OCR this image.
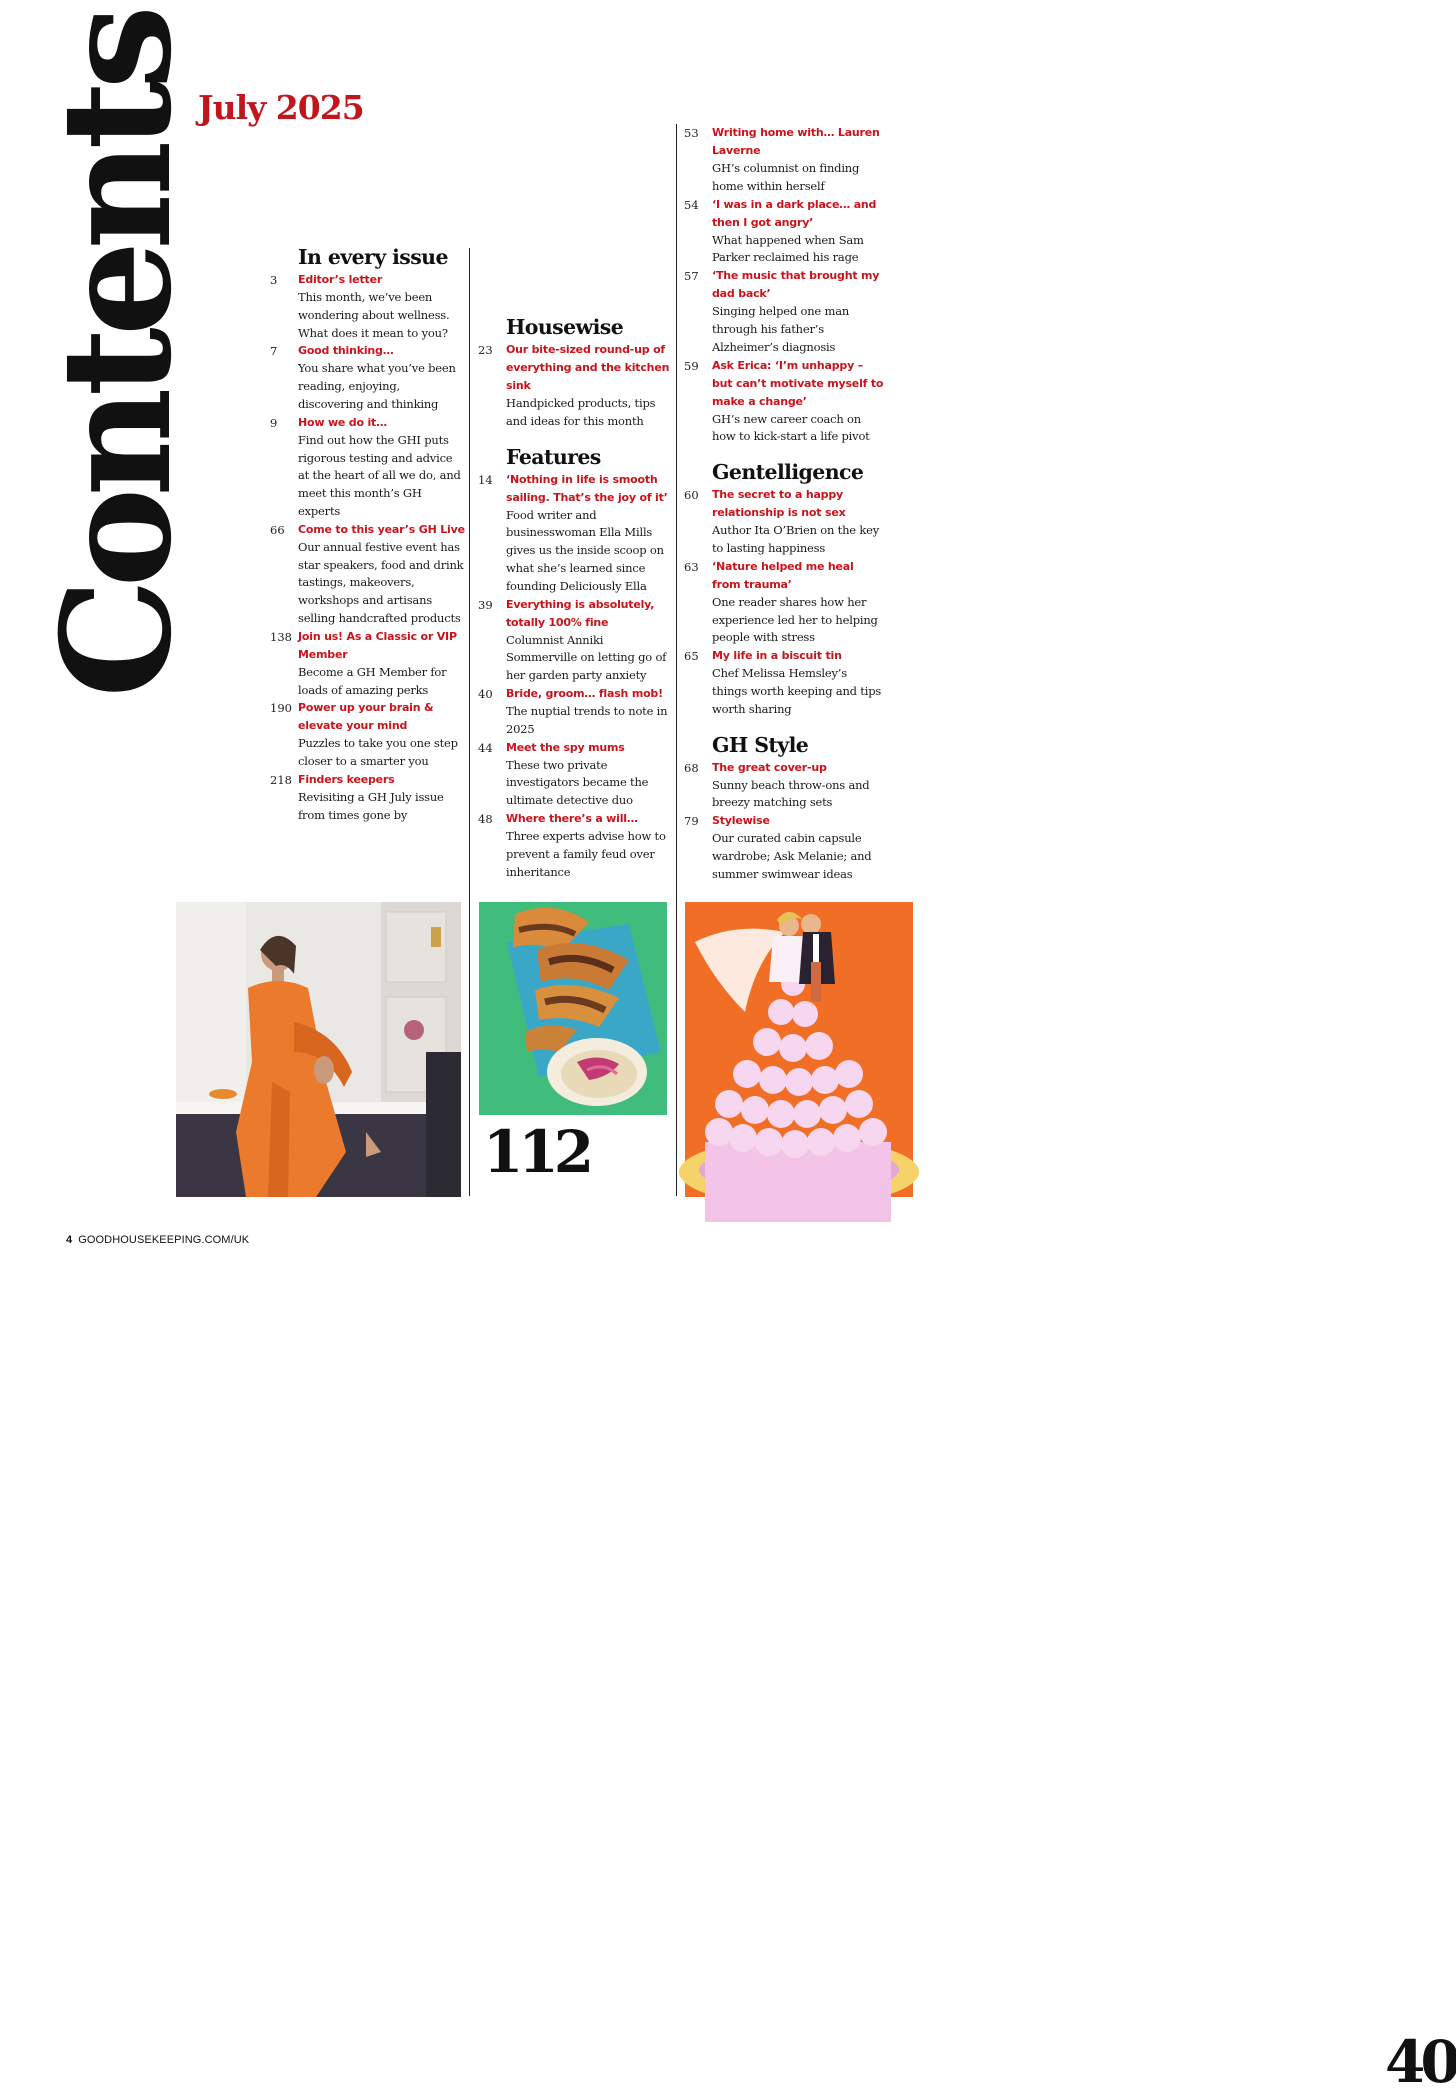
Contents
July 2025
In every issue
3	Editor’s letter
This month, we’ve been wondering about wellness. What does it mean to you?
7	Good thinking…
You share what you’ve been reading, enjoying, discovering and thinking
9	How we do it…
Find out how the GHI puts rigorous testing and advice at the heart of all we do, and meet this month’s GH experts
66	Come to this year’s GH Live
Our annual festive event has star speakers, food and drink tastings, makeovers, workshops and artisans selling handcrafted products
138 Join us! As a Classic or VIP Member
Become a GH Member for loads of amazing perks
190 Power up your brain & elevate your mind
Puzzles to take you one step closer to a smarter you
218 Finders keepers
Revisiting a GH July issue from times gone by
Housewise
23	Our bite-sized round-up of everything and the kitchen sink
Handpicked products, tips and ideas for this month
Features
14	‘Nothing in life is smooth sailing. That’s the joy of it’
Food writer and businesswoman Ella Mills gives us the inside scoop on what she’s learned since founding Deliciously Ella
39	Everything is absolutely, totally 100% fine
Columnist Anniki Sommerville on letting go of her garden party anxiety
40	Bride, groom… flash mob!
The nuptial trends to note in 2025
44	Meet the spy mums
These two private investigators became the ultimate detective duo
48	Where there’s a will…
Three experts advise how to prevent a family feud over inheritance
53	Writing home with… Lauren Laverne
GH’s columnist on finding home within herself
54	‘I was in a dark place… and then I got angry’
What happened when Sam Parker reclaimed his rage
57	‘The music that brought my dad back’
Singing helped one man through his father’s Alzheimer’s diagnosis
59	Ask Erica: ‘I’m unhappy – but can’t motivate myself to make a change’
GH’s new career coach on how to kick-start a life pivot
Gentelligence
60	The secret to a happy relationship is not sex
Author Ita O’Brien on the key to lasting happiness
63	‘Nature helped me heal from trauma’
One reader shares how her experience led her to helping people with stress
65	My life in a biscuit tin
Chef Melissa Hemsley’s things worth keeping and tips worth sharing
GH Style
68	The great cover-up
Sunny beach throw-ons and breezy matching sets
79	Stylewise
Our curated cabin capsule wardrobe; Ask Melanie; and summer swimwear ideas
14
112
40
4 GOODHOUSEKEEPING.COM/UK
